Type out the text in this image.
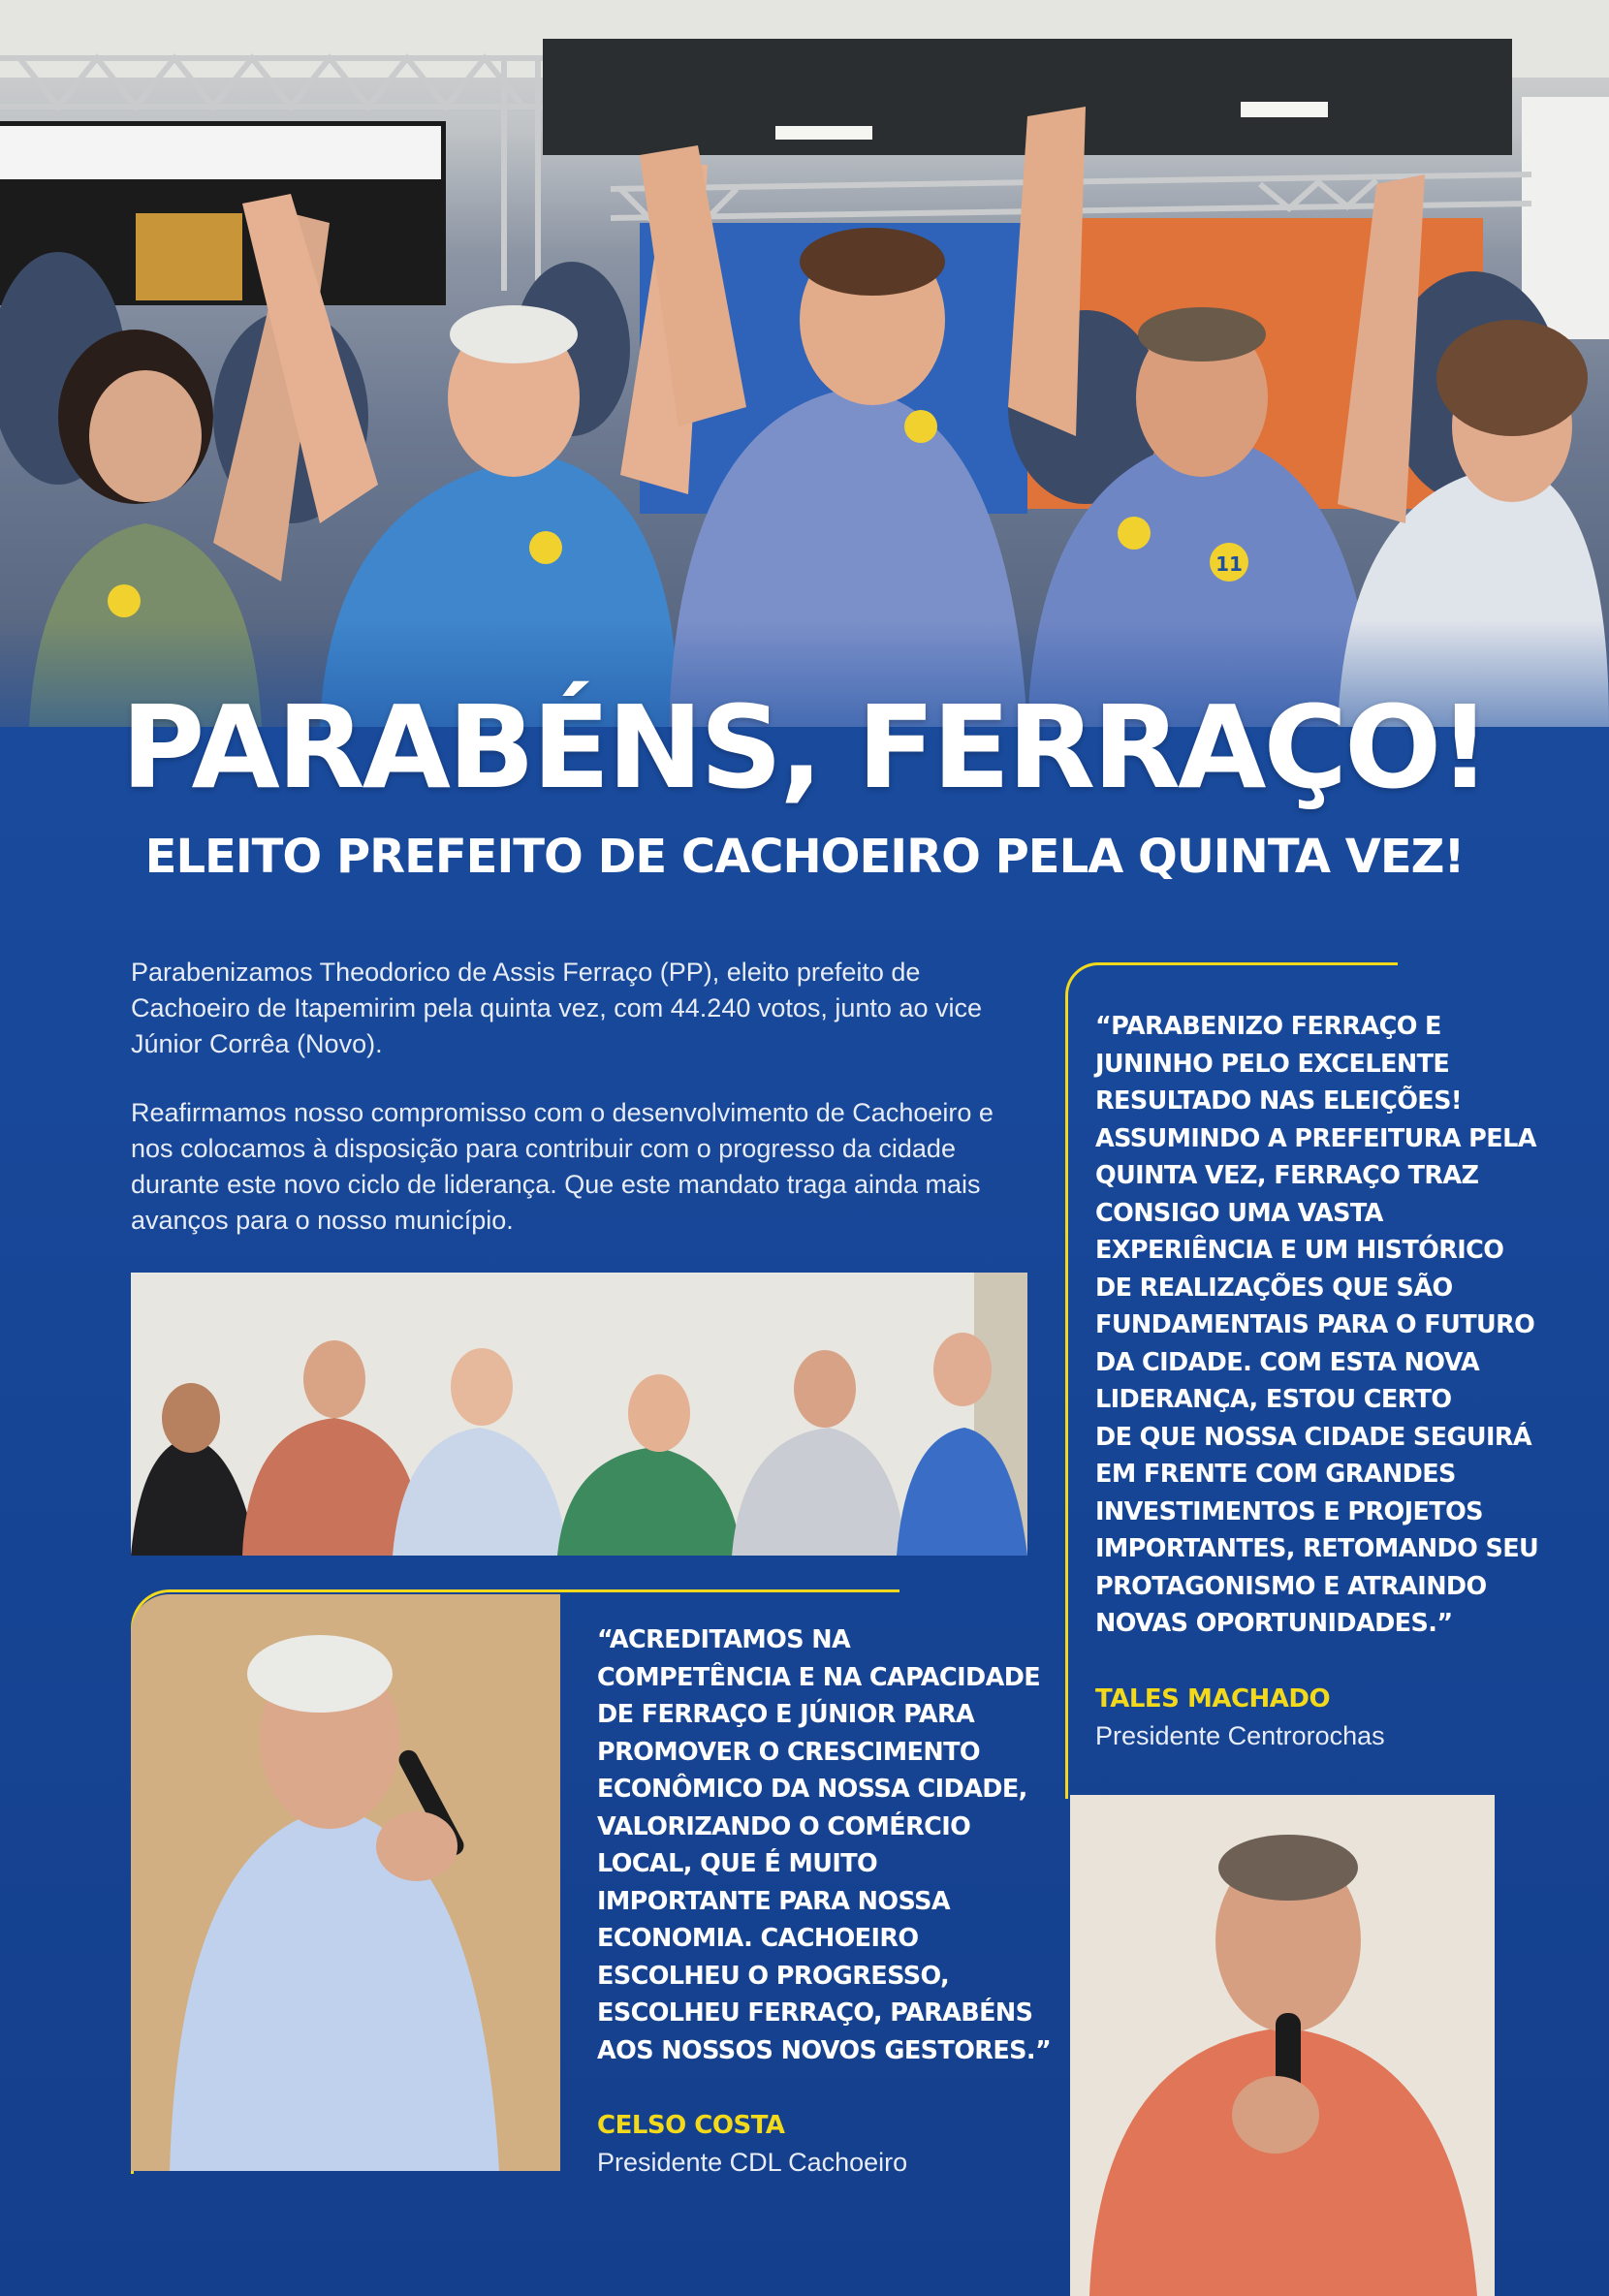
11
PARABÉNS, FERRAÇO!
ELEITO PREFEITO DE CACHOEIRO PELA QUINTA VEZ!

Parabenizamos Theodorico de Assis Ferraço (PP), eleito prefeito de Cachoeiro de Itapemirim pela quinta vez, com 44.240 votos, junto ao vice Júnior Corrêa (Novo).

Reafirmamos nosso compromisso com o desenvolvimento de Cachoeiro e nos colocamos à disposição para contribuir com o progresso da cidade durante este novo ciclo de liderança. Que este mandato traga ainda mais avanços para o nosso município.

“PARABENIZO FERRAÇO E
JUNINHO PELO EXCELENTE
RESULTADO NAS ELEIÇÕES!
ASSUMINDO A PREFEITURA PELA
QUINTA VEZ, FERRAÇO TRAZ
CONSIGO UMA VASTA
EXPERIÊNCIA E UM HISTÓRICO
DE REALIZAÇÕES QUE SÃO
FUNDAMENTAIS PARA O FUTURO
DA CIDADE. COM ESTA NOVA
LIDERANÇA, ESTOU CERTO
DE QUE NOSSA CIDADE SEGUIRÁ
EM FRENTE COM GRANDES
INVESTIMENTOS E PROJETOS
IMPORTANTES, RETOMANDO SEU
PROTAGONISMO E ATRAINDO
NOVAS OPORTUNIDADES.”

TALES MACHADO
Presidente Centrorochas

“ACREDITAMOS NA
COMPETÊNCIA E NA CAPACIDADE
DE FERRAÇO E JÚNIOR PARA
PROMOVER O CRESCIMENTO
ECONÔMICO DA NOSSA CIDADE,
VALORIZANDO O COMÉRCIO
LOCAL, QUE É MUITO
IMPORTANTE PARA NOSSA
ECONOMIA. CACHOEIRO
ESCOLHEU O PROGRESSO,
ESCOLHEU FERRAÇO, PARABÉNS
AOS NOSSOS NOVOS GESTORES.”

CELSO COSTA
Presidente CDL Cachoeiro
